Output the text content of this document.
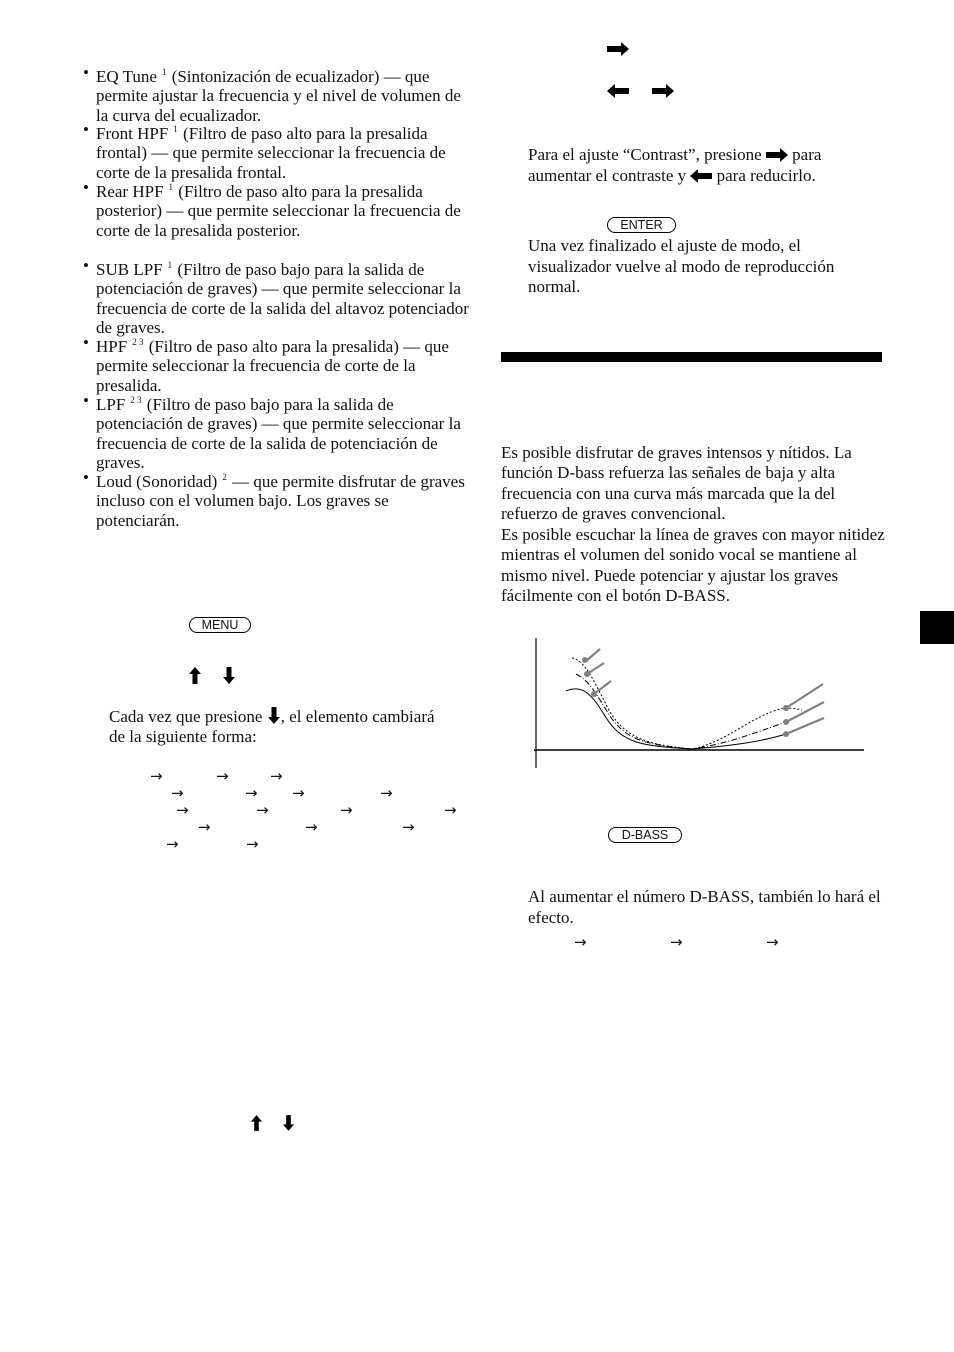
• EQ Tune $^1$ (Sintonización de ecualizador) — que permite ajustar la frecuencia y el nivel de volumen de la curva del ecualizador.
• Front HPF $^1$ (Filtro de paso alto para la presalida frontal) — que permite seleccionar la frecuencia de corte de la presalida frontal.
• Rear HPF $^1$ (Filtro de paso alto para la presalida posterior) — que permite seleccionar la frecuencia de corte de la presalida posterior.
• SUB LPF $^1$ (Filtro de paso bajo para la salida de potenciación de graves) — que permite seleccionar la frecuencia de corte de la salida del altavoz potenciador de graves.
• HPF $^{2 3}$ (Filtro de paso alto para la presalida) — que permite seleccionar la frecuencia de corte de la presalida.
• LPF $^{2 3}$ (Filtro de paso bajo para la salida de potenciación de graves) — que permite seleccionar la frecuencia de corte de la salida de potenciación de graves.
• Loud (Sonoridad) $^2$ — que permite disfrutar de graves incluso con el volumen bajo. Los graves se potenciarán.
MENU

Cada vez que presione , el elemento cambiará de la siguiente forma:

→	→	→
→	→ →	→
→	→	→	→
→	→	→
→	→

Para el ajuste “Contrast”, presione  para aumentar el contraste y  para reducirlo.

ENTER

Una vez finalizado el ajuste de modo, el visualizador vuelve al modo de reproducción normal.

Es posible disfrutar de graves intensos y nítidos. La función D-bass refuerza las señales de baja y alta frecuencia con una curva más marcada que la del refuerzo de graves convencional.

Es posible escuchar la línea de graves con mayor nitidez mientras el volumen del sonido vocal se mantiene al mismo nivel. Puede potenciar y ajustar los graves fácilmente con el botón D-BASS.

D-BASS

Al aumentar el número D-BASS, también lo hará el efecto.

→	→	→
